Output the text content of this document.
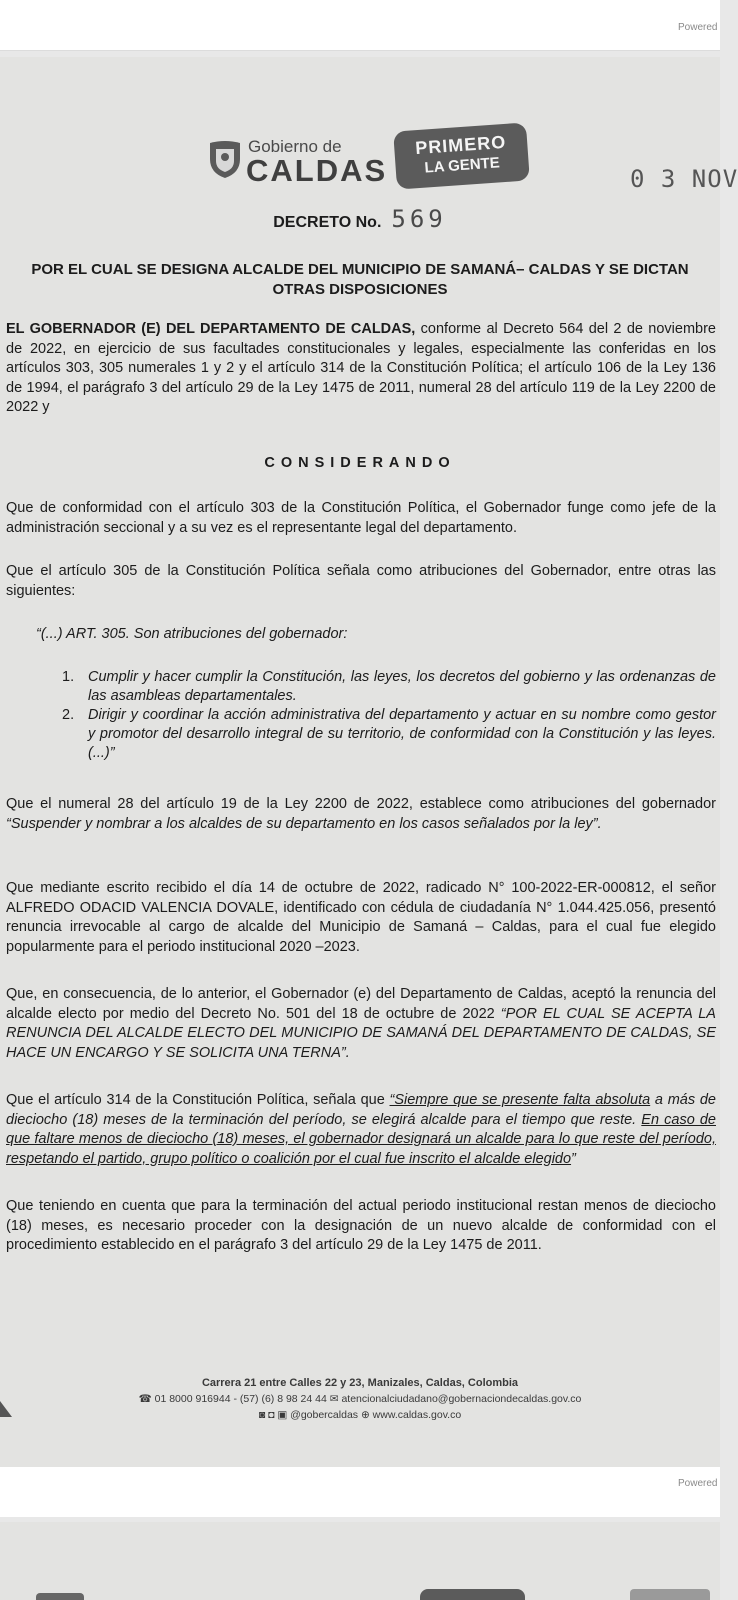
Powered
Gobierno de
CALDAS
PRIMERO
LA GENTE	0 3 NOV
DECRETO No. 569
POR EL CUAL SE DESIGNA ALCALDE DEL MUNICIPIO DE SAMANÁ– CALDAS Y SE DICTAN OTRAS DISPOSICIONES
EL GOBERNADOR (E) DEL DEPARTAMENTO DE CALDAS, conforme al Decreto 564 del 2 de noviembre de 2022, en ejercicio de sus facultades constitucionales y legales, especialmente las conferidas en los artículos 303, 305 numerales 1 y 2 y el artículo 314 de la Constitución Política; el artículo 106 de la Ley 136 de 1994, el parágrafo 3 del artículo 29 de la Ley 1475 de 2011, numeral 28 del artículo 119 de la Ley 2200 de 2022 y
CONSIDERANDO
Que de conformidad con el artículo 303 de la Constitución Política, el Gobernador funge como jefe de la administración seccional y a su vez es el representante legal del departamento.
Que el artículo 305 de la Constitución Política señala como atribuciones del Gobernador, entre otras las siguientes:
“(...) ART. 305. Son atribuciones del gobernador:
1. Cumplir y hacer cumplir la Constitución, las leyes, los decretos del gobierno y las ordenanzas de las asambleas departamentales.
2. Dirigir y coordinar la acción administrativa del departamento y actuar en su nombre como gestor y promotor del desarrollo integral de su territorio, de conformidad con la Constitución y las leyes. (...)”
Que el numeral 28 del artículo 19 de la Ley 2200 de 2022, establece como atribuciones del gobernador “Suspender y nombrar a los alcaldes de su departamento en los casos señalados por la ley”.
Que mediante escrito recibido el día 14 de octubre de 2022, radicado N° 100-2022-ER-000812, el señor ALFREDO ODACID VALENCIA DOVALE, identificado con cédula de ciudadanía N° 1.044.425.056, presentó renuncia irrevocable al cargo de alcalde del Municipio de Samaná – Caldas, para el cual fue elegido popularmente para el periodo institucional 2020 –2023.
Que, en consecuencia, de lo anterior, el Gobernador (e) del Departamento de Caldas, aceptó la renuncia del alcalde electo por medio del Decreto No. 501 del 18 de octubre de 2022 “POR EL CUAL SE ACEPTA LA RENUNCIA DEL ALCALDE ELECTO DEL MUNICIPIO DE SAMANÁ DEL DEPARTAMENTO DE CALDAS, SE HACE UN ENCARGO Y SE SOLICITA UNA TERNA”.
Que el artículo 314 de la Constitución Política, señala que “Siempre que se presente falta absoluta a más de dieciocho (18) meses de la terminación del período, se elegirá alcalde para el tiempo que reste. En caso de que faltare menos de dieciocho (18) meses, el gobernador designará un alcalde para lo que reste del período, respetando el partido, grupo político o coalición por el cual fue inscrito el alcalde elegido”
Que teniendo en cuenta que para la terminación del actual periodo institucional restan menos de dieciocho (18) meses, es necesario proceder con la designación de un nuevo alcalde de conformidad con el procedimiento establecido en el parágrafo 3 del artículo 29 de la Ley 1475 de 2011.
Carrera 21 entre Calles 22 y 23, Manizales, Caldas, Colombia
☎ 01 8000 916944 - (57) (6) 8 98 24 44 ✉ atencionalciudadano@gobernaciondecaldas.gov.co
◙ ◘ ▣ @gobercaldas ⊕ www.caldas.gov.co
Powered
